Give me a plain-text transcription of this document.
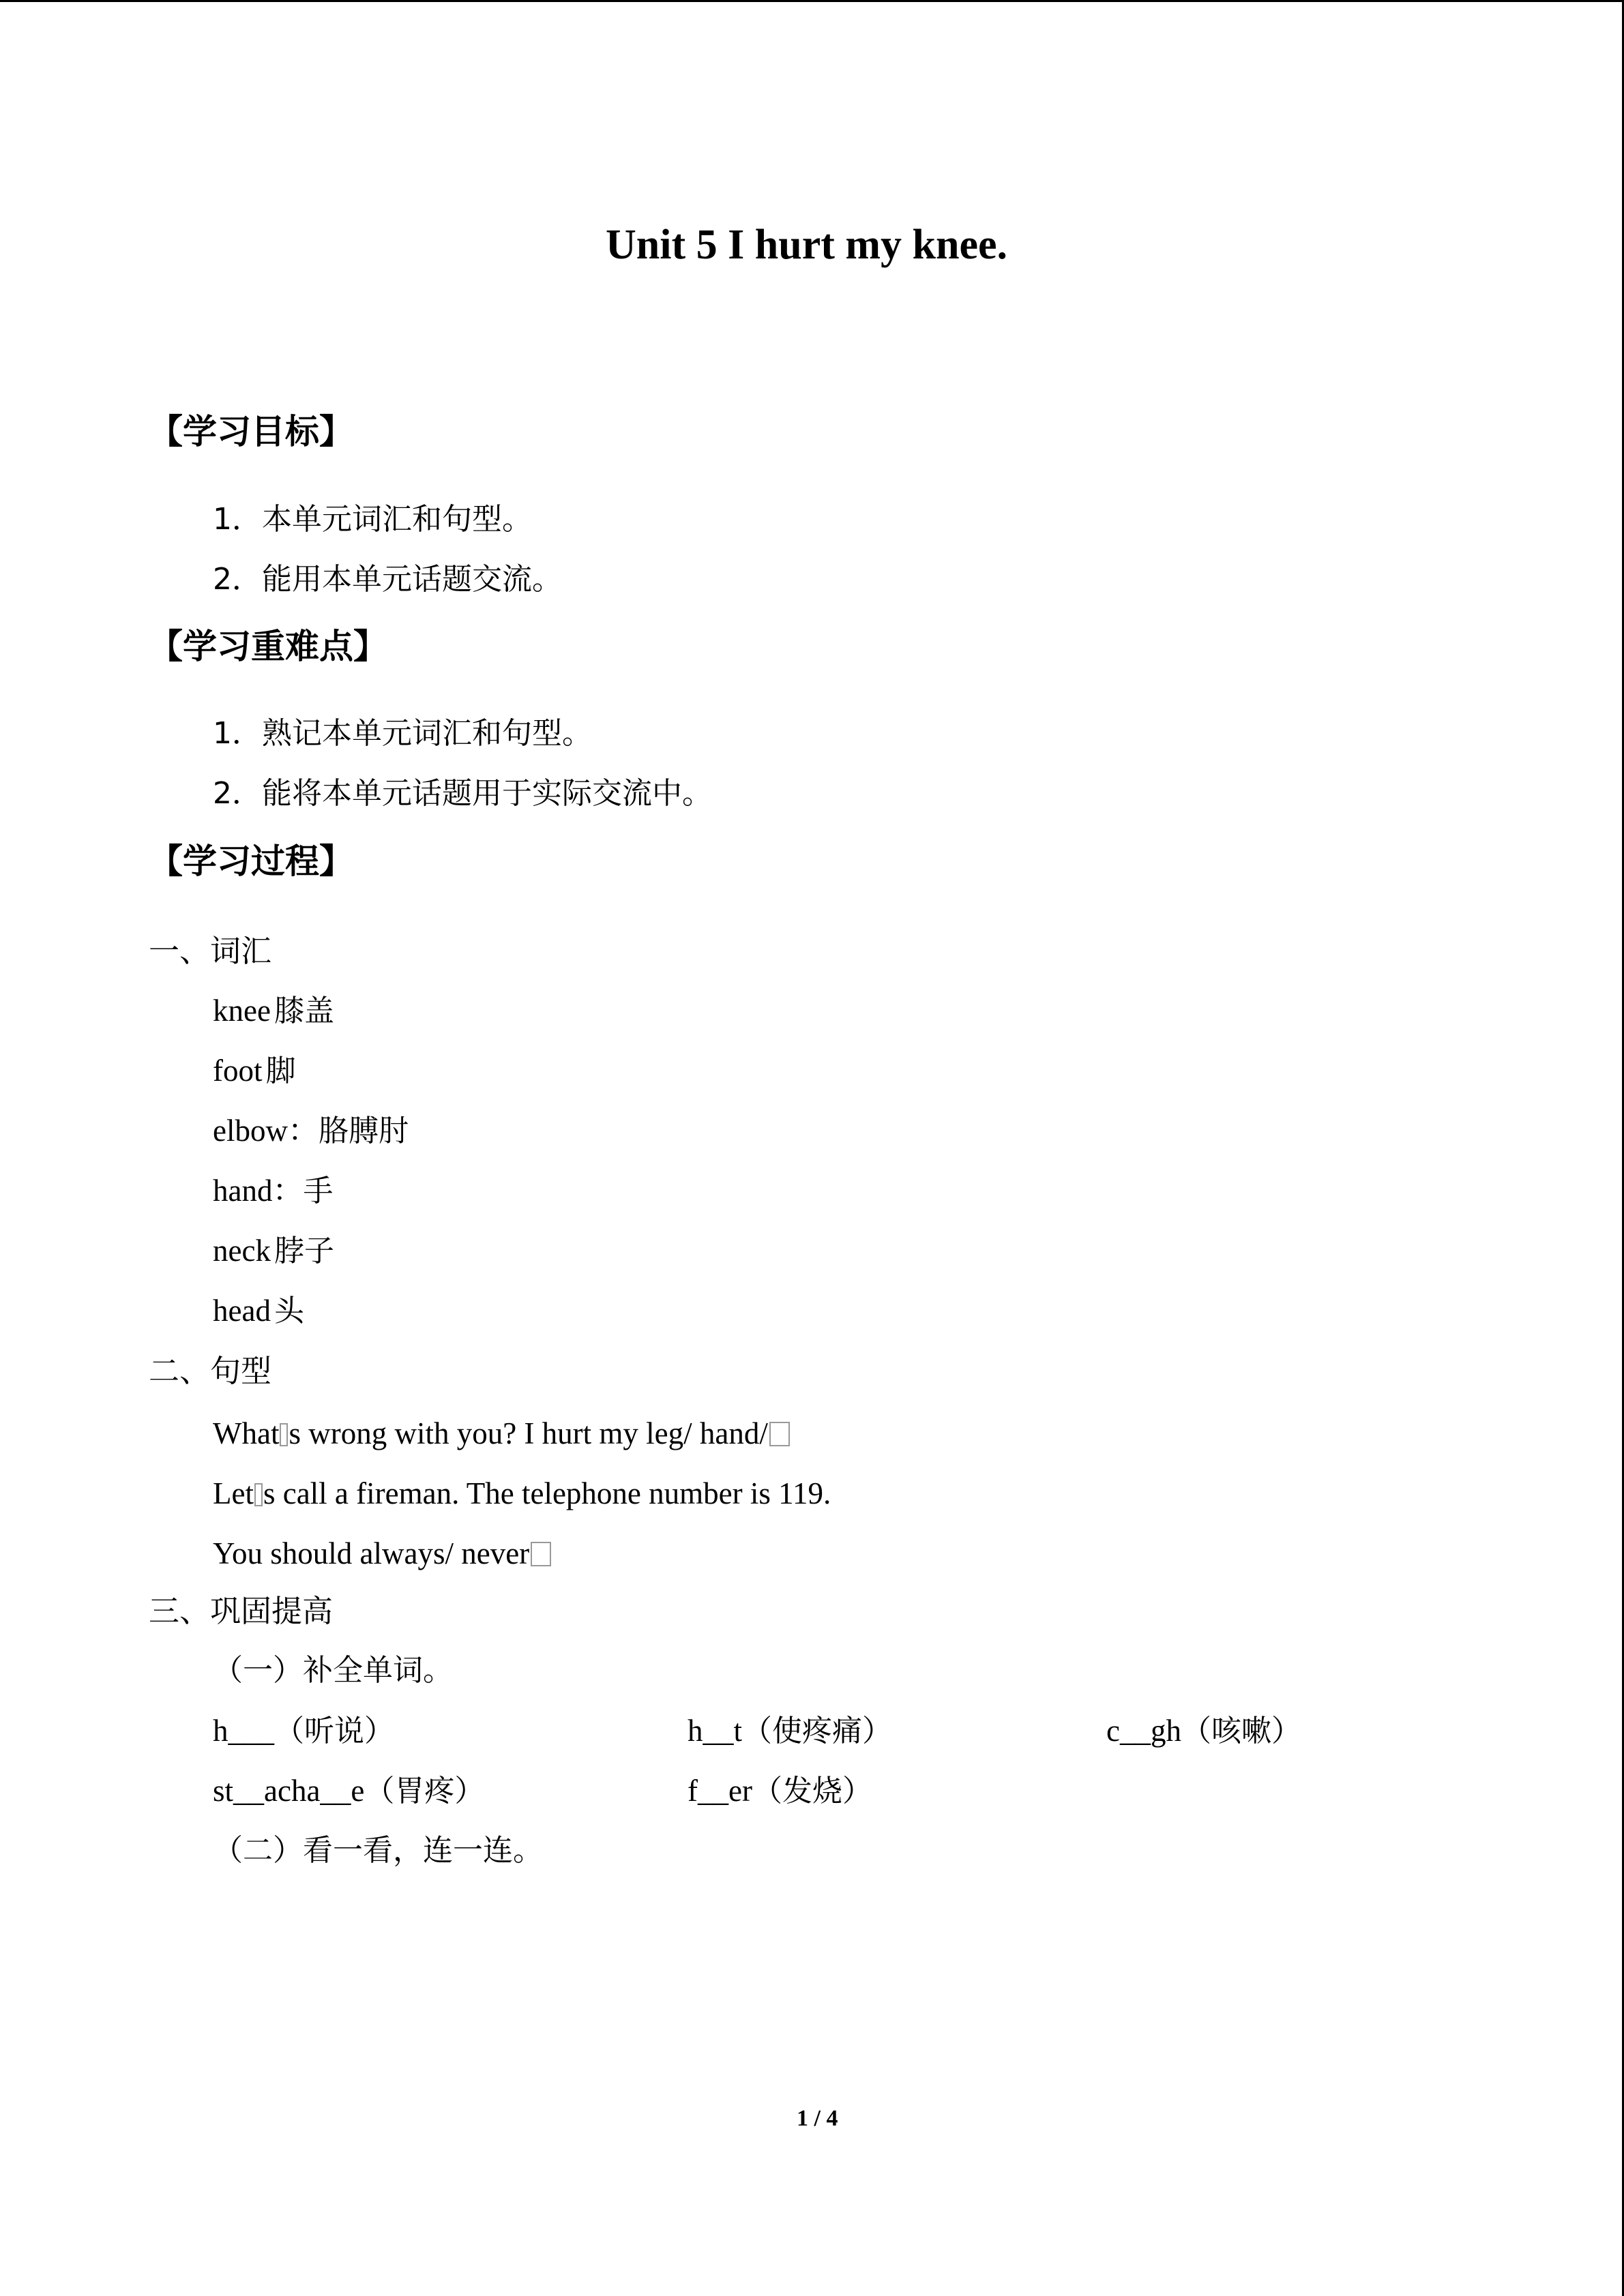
Unit 5 I hurt my knee.
【学习目标】
1．本单元词汇和句型。
2．能用本单元话题交流。
【学习重难点】
1．熟记本单元词汇和句型。
2．能将本单元话题用于实际交流中。
【学习过程】
一、词汇
knee 膝盖
foot 脚
elbow：胳膊肘
hand：手
neck 脖子
head 头
二、句型
What s wrong with you? I hurt my leg/ hand/
Let s call a fireman. The telephone number is 119.
You should always/ never
三、巩固提高
（一）补全单词。
h___（听说）	h__t（使疼痛）	c__gh（咳嗽）
st__acha__e（胃疼）	f__er（发烧）
（二）看一看，连一连。
1 / 4
